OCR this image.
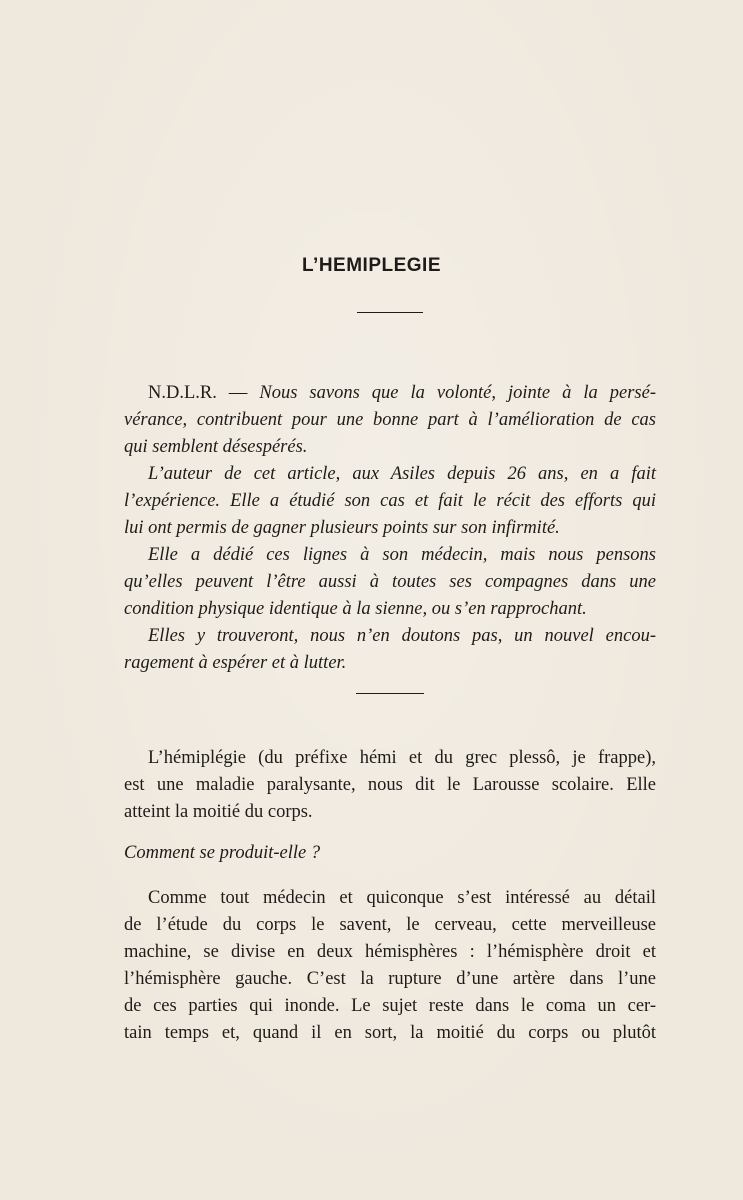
L’HEMIPLEGIE
N.D.L.R. — Nous savons que la volonté, jointe à la persé-
vérance, contribuent pour une bonne part à l’amélioration de cas
qui semblent désespérés.
L’auteur de cet article, aux Asiles depuis 26 ans, en a fait
l’expérience. Elle a étudié son cas et fait le récit des efforts qui
lui ont permis de gagner plusieurs points sur son infirmité.
Elle a dédié ces lignes à son médecin, mais nous pensons
qu’elles peuvent l’être aussi à toutes ses compagnes dans une
condition physique identique à la sienne, ou s’en rapprochant.
Elles y trouveront, nous n’en doutons pas, un nouvel encou-
ragement à espérer et à lutter.
L’hémiplégie (du préfixe hémi et du grec plessô, je frappe),
est une maladie paralysante, nous dit le Larousse scolaire. Elle
atteint la moitié du corps.
Comment se produit-elle ?
Comme tout médecin et quiconque s’est intéressé au détail
de l’étude du corps le savent, le cerveau, cette merveilleuse
machine, se divise en deux hémisphères : l’hémisphère droit et
l’hémisphère gauche. C’est la rupture d’une artère dans l’une
de ces parties qui inonde. Le sujet reste dans le coma un cer-
tain temps et, quand il en sort, la moitié du corps ou plutôt
